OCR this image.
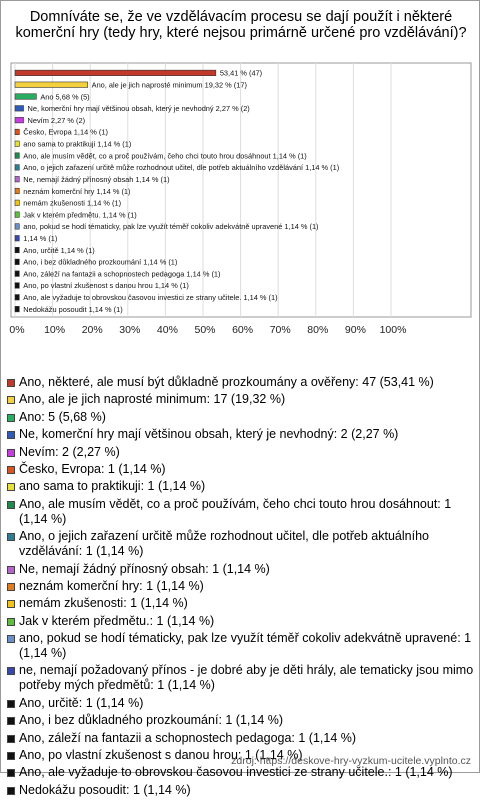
Domníváte se, že ve vzdělávacím procesu se dají použít i některé komerční hry (tedy hry, které nejsou primárně určené pro vzdělávání)?
0% 10% 20% 30% 40% 50% 60% 70% 80% 90% 100%
53,41 % (47)
Ano, ale je jich naprosté minimum 19,32 % (17)
Ano 5,68 % (5)
Ne, komerční hry mají většinou obsah, který je nevhodný 2,27 % (2)
Nevím 2,27 % (2)
Česko, Evropa 1,14 % (1)
ano sama to praktikuji 1,14 % (1)
Ano, ale musím vědět, co a proč používám, čeho chci touto hrou dosáhnout 1,14 % (1)
Ano, o jejich zařazení určitě může rozhodnout učitel, dle potřeb aktuálního vzdělávání 1,14 % (1)
Ne, nemají žádný přínosný obsah 1,14 % (1)
neznám komerční hry 1,14 % (1)
nemám zkušenosti 1,14 % (1)
Jak v kterém předmětu. 1,14 % (1)
ano, pokud se hodí tématicky, pak lze využít téměř cokoliv adekvátně upravené 1,14 % (1)
1,14 % (1)
Ano, určitě 1,14 % (1)
Ano, i bez důkladného prozkoumání 1,14 % (1)
Ano, záleží na fantazii a schopnostech pedagoga 1,14 % (1)
Ano, po vlastní zkušenost s danou hrou 1,14 % (1)
Ano, ale vyžaduje to obrovskou časovou investici ze strany učitele. 1,14 % (1)
Nedokážu posoudit 1,14 % (1)
Ano, některé, ale musí být důkladně prozkoumány a ověřeny: 47 (53,41 %)
Ano, ale je jich naprosté minimum: 17 (19,32 %)
Ano: 5 (5,68 %)
Ne, komerční hry mají většinou obsah, který je nevhodný: 2 (2,27 %)
Nevím: 2 (2,27 %)
Česko, Evropa: 1 (1,14 %)
ano sama to praktikuji: 1 (1,14 %)
Ano, ale musím vědět, co a proč používám, čeho chci touto hrou dosáhnout: 1 (1,14 %)
Ano, o jejich zařazení určitě může rozhodnout učitel, dle potřeb aktuálního vzdělávání: 1 (1,14 %)
Ne, nemají žádný přínosný obsah: 1 (1,14 %)
neznám komerční hry: 1 (1,14 %)
nemám zkušenosti: 1 (1,14 %)
Jak v kterém předmětu.: 1 (1,14 %)
ano, pokud se hodí tématicky, pak lze využít téměř cokoliv adekvátně upravené: 1 (1,14 %)
ne, nemají požadovaný přínos - je dobré aby je děti hrály, ale tematicky jsou mimo potřeby mých předmětů: 1 (1,14 %)
Ano, určitě: 1 (1,14 %)
Ano, i bez důkladného prozkoumání: 1 (1,14 %)
Ano, záleží na fantazii a schopnostech pedagoga: 1 (1,14 %)
Ano, po vlastní zkušenost s danou hrou: 1 (1,14 %)
Ano, ale vyžaduje to obrovskou časovou investici ze strany učitele.: 1 (1,14 %)
Nedokážu posoudit: 1 (1,14 %)
zdroj: https://deskove-hry-vyzkum-ucitele.vyplnto.cz
